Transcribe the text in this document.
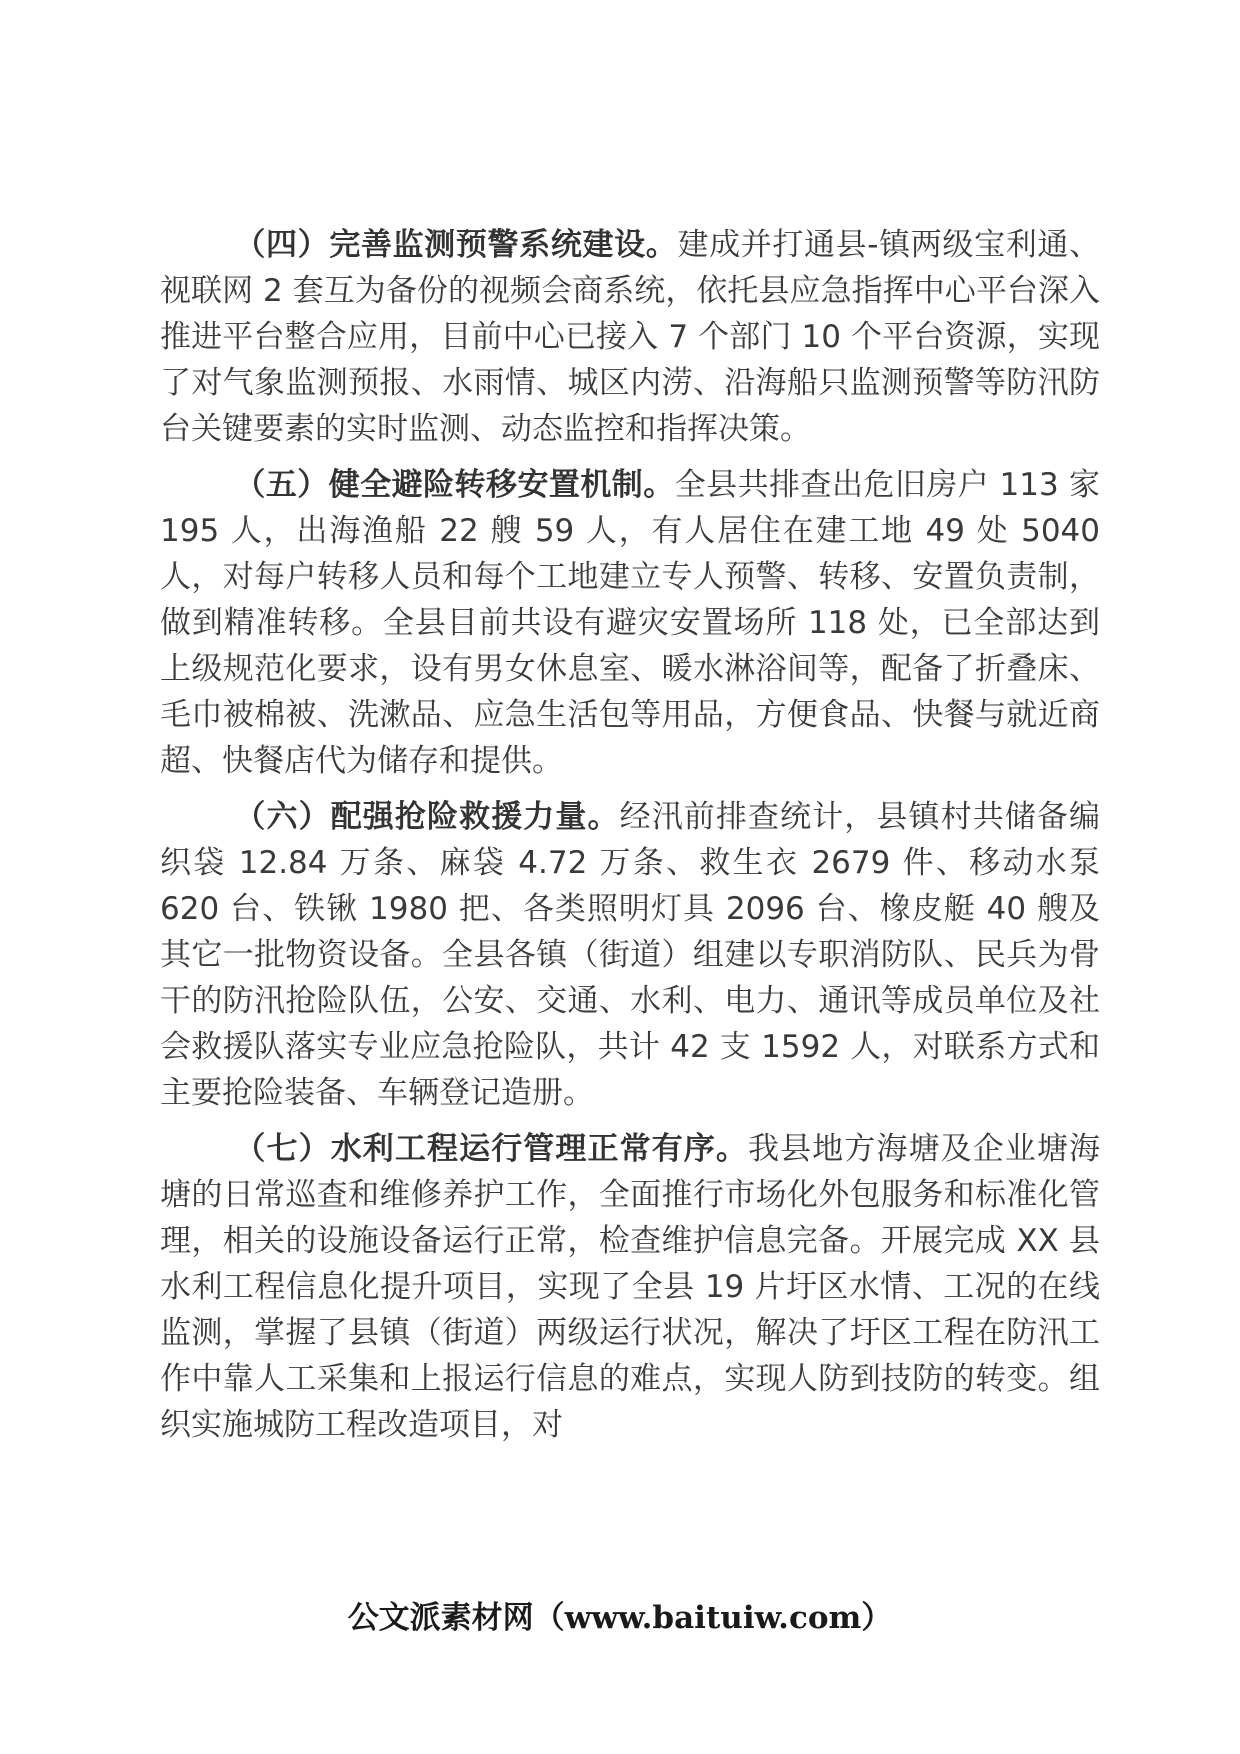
（四）完善监测预警系统建设。建成并打通县-镇两级宝利通、视联网 2 套互为备份的视频会商系统，依托县应急指挥中心平台深入推进平台整合应用，目前中心已接入 7 个部门 10 个平台资源，实现了对气象监测预报、水雨情、城区内涝、沿海船只监测预警等防汛防台关键要素的实时监测、动态监控和指挥决策。

（五）健全避险转移安置机制。全县共排查出危旧房户 113 家 195 人，出海渔船 22 艘 59 人，有人居住在建工地 49 处 5040 人，对每户转移人员和每个工地建立专人预警、转移、安置负责制，做到精准转移。全县目前共设有避灾安置场所 118 处，已全部达到上级规范化要求，设有男女休息室、暖水淋浴间等，配备了折叠床、毛巾被棉被、洗漱品、应急生活包等用品，方便食品、快餐与就近商超、快餐店代为储存和提供。

（六）配强抢险救援力量。经汛前排查统计，县镇村共储备编织袋 12.84 万条、麻袋 4.72 万条、救生衣 2679 件、移动水泵 620 台、铁锹 1980 把、各类照明灯具 2096 台、橡皮艇 40 艘及其它一批物资设备。全县各镇（街道）组建以专职消防队、民兵为骨干的防汛抢险队伍，公安、交通、水利、电力、通讯等成员单位及社会救援队落实专业应急抢险队，共计 42 支 1592 人，对联系方式和主要抢险装备、车辆登记造册。

（七）水利工程运行管理正常有序。我县地方海塘及企业塘海塘的日常巡查和维修养护工作，全面推行市场化外包服务和标准化管理，相关的设施设备运行正常，检查维护信息完备。开展完成 XX 县水利工程信息化提升项目，实现了全县 19 片圩区水情、工况的在线监测，掌握了县镇（街道）两级运行状况，解决了圩区工程在防汛工作中靠人工采集和上报运行信息的难点，实现人防到技防的转变。组织实施城防工程改造项目，对

公文派素材网（www.baituiw.com）
